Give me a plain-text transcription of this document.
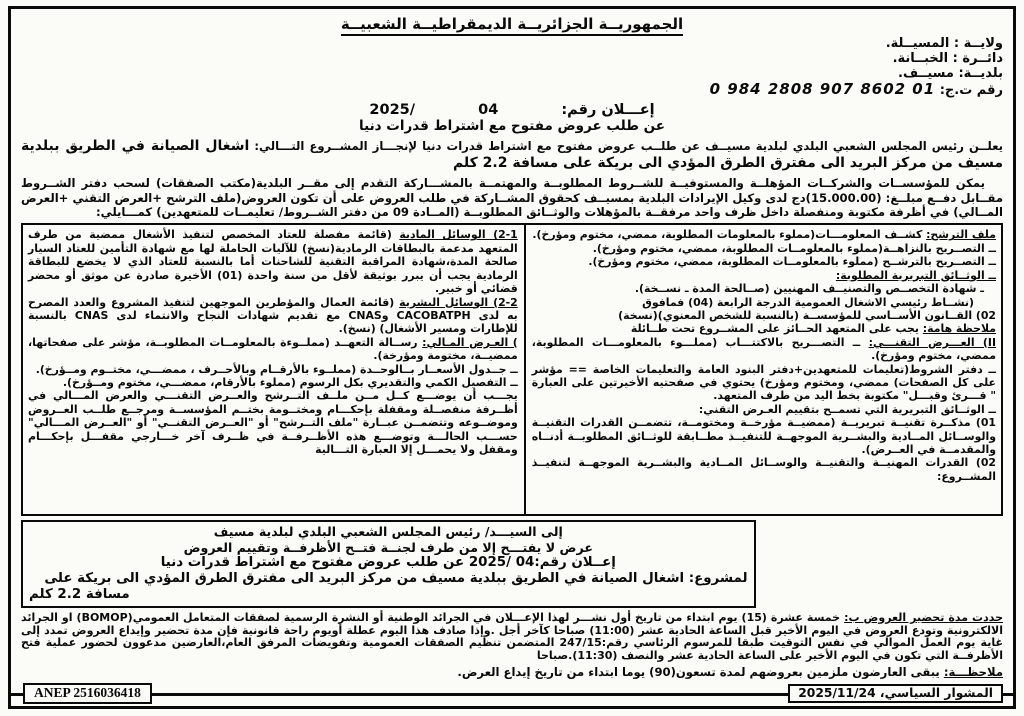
الجمهوريــة الجزائريــة الديمقراطيــة الشعبيــة
ولايــة : المسيــلة.
دائــرة : الخبــانة.
بلديــة: مسيــف.
رقم ت.ج: 0 984 2808 907 8602 01
إعـــلان رقم: 04 2025/
عن طلب عروض مفتوح مع اشتراط قدرات دنيا

يعلــن رئيس المجلس الشعبي البلدي لبلدية مسيــف عن طلــب عروض مفتوح مع اشتراط قدرات دنيا لإنجـــاز المشــروع التـــالي: اشغال الصيانة في الطريق ببلدية مسيف من مركز البريد الى مفترق الطرق المؤدي الى بريكة على مسافة 2.2 كلم

يمكن للمؤسســات والشركــات المؤهلــة والمستوفيــة للشــروط المطلوبــة والمهتمــة بالمشـــاركة التقدم إلى مقــر البلدية(مكتب الصفقات) لسحب دفتر الشــروط مقــابل دفــع مبلــغ: (15.000.00)دج لدى وكيل الإيرادات البلدية بمسيــف كحقوق المشــاركة في طلب العروض على أن تكون العروض(ملف الترشح +العرض التقني +العرض المــالي) في أظرفة مكتوبة ومنفصلة داخل ظرف واحد مرفقــة بالمؤهلات والوثــائق المطلوبــة (المــادة 09 من دفتر الشــروط/ تعليمــات للمتعهدين) كمـــايلي:

ملف الترشح: كشــف المعلومـــات(مملوء بالمعلومات المطلوبة، ممضي، مختوم ومؤرخ).
ــ التصــريح بالنزاهــة(مملوء بالمعلومــات المطلوبة، ممضي، مختوم ومؤرخ).
ــ التصــريح بالترشــح (مملوء بالمعلومــات المطلوبة، ممضي، مختوم ومؤرخ).
ــ الوثــائق التبريرية المطلوبة:
ـ شهادة التخصــص والتصنيــف المهنيين (صــالحة المدة ـ نســخة).
(نشــاط رئيسي الاشغال العمومية الدرجة الرابعة (04) فمافوق
02) القــانون الأســاسي للمؤسســة (بالنسبة للشخص المعنوي)(نسخة)
ملاحظة هامة: يجب على المتعهد الحــائز على المشــروع تحت طــائلة
II) العـــرض التقنـــي: ــ التصـــريح بالاكتتـــاب (مملـــوء بالمعلومـــات المطلوبة، ممضي، مختوم ومؤرخ).
ــ دفتر الشروط(تعليمات للمتعهدين+دفتر البنود العامة والتعليمات الخاصة == مؤشر على كل الصفحات) ممضي، ومختوم ومؤرخ) يحتوي في صفحتيه الأخيرتين على العبارة " قـــرئ وقبـــل" مكتوبة بخط اليد من طرف المتعهد.
ــ الوثــائق التبريرية التي تسمــح بتقييم العـرض التقني:
01) مذكــرة تقنيــة تبريريــة (ممضيــة مؤرخــة ومختومــة، تتضمــن القدرات التقنيــة والوســائل المــادية والبشــرية الموجهــة للتنفيــذ مطــابقة للوثــائق المطلوبــة أدنــاه والمقدمــة في العــرض).
02) القدرات المهنيــة والتقنيــة والوســائل المــادية والبشــرية الموجهــة لتنفيــذ المشــروع:
2-1) الوسائل المادية (قائمة مفصلة للعتاد المخصص لتنفيذ الأشغال ممضية من طرف المتعهد مدعمة بالبطاقات الرمادية(نسخ) للآليات الحاملة لها مع شهادة التأمين للعتاد السيار صالحة المدة،شهادة المراقبة التقنية للشاحنات أما بالنسبة للعتاد الذي لا يخضع للبطاقة الرمادية يجب أن يبرر بوثيقة لأقل من سنة واحدة (01) الأخيرة صادرة عن موثق أو محضر قضائي أو خبير.
2-2) الوسائل البشرية (قائمة العمال والمؤطرين الموجهين لتنفيذ المشروع والعدد المصرح به لدى CACOBATPH وCNAS مع تقديم شهادات النجاح والانتماء لدى CNAS بالنسبة للإطارات ومسير الأشغال) (نسخ).
) العـرض المـالي: رســالة التعهــد (مملــوءة بالمعلومــات المطلوبــة، مؤشر على صفحاتها، ممضيــة، مختومة ومؤرخة).
ــ جــدول الأسعــار بــالوحــدة (مملــوء بالأرقــام وبالأحــرف ، ممضـــي، مختــوم ومــؤرخ).
ــ التفصيل الكمي والتقديري بكل الرسوم (مملوء بالأرقام، ممضـــي، مختوم ومــؤرخ).
يجـــب أن يوضـــع كــل مــن ملــف التــرشح والعــرض التقنـــي والعرض المـــالي في أظــرفة منفصــلة ومقفلة بإحكـــام ومختــومة بختــم المؤسســة ومرجــع طلــب العــروض وموضــوعه وتتضمــن عبــارة "ملف التــرشح" أو "العــرض التقنــي" أو "العــرض المـــالي" حســـب الحالـــة وتوضـــع هذه الأظــرفــة في ظــرف آخر خـــارجي مقفـــل بإحكـــام ومقفل ولا يحمـــل إلا العبارة التـــالية
إلى السيـــد/ رئيس المجلس الشعبي البلدي لبلدية مسيف
عرض لا يفتـــح إلا من طرف لجنــة فتــح الأظرفــة وتقييم العروض
إعــلان رقم:04 /2025 عن طلب عروض مفتوح مع اشتراط قدرات دنيا
لمشروع: اشغال الصيانة في الطريق ببلدية مسيف من مركز البريد الى مفترق الطرق المؤدي الى بريكة على
مسافة 2.2 كلم

حددت مدة تحضير العروض ب: خمسة عشرة (15) يوم ابتداء من تاريخ أول نشـــر لهذا الإعـــلان في الجرائد الوطنية أو النشرة الرسمية لصفقات المتعامل العمومي(BOMOP) او الجرائد الالكترونية وتودع العروض في اليوم الأخير قبل الساعة الحادية عشر (11:00) صباحا كآخر أجل .وإذا صادف هذا اليوم عطلة أويوم راحة قانونية فإن مدة تحضير وإيداع العروض تمدد إلى غاية يوم العمل الموالي في نفس التوقيت طبقا للمرسوم الرئاسي رقم:247/15 المتضمن تنظيم الصفقات العمومية وتفويضات المرفق العام،العارضين مدعوون لحضور عملية فتح الأظرفــة التي تكون في اليوم الأخير على الساعة الحادية عشر والنصف (11:30).صباحا

ملاحظـــة: يبقى العارضون ملزمين بعروضهم لمدة تسعون(90) يوما ابتداء من تاريخ إيداع العرض.

ANEP 2516036418	المشوار السياسي، 2025/11/24
